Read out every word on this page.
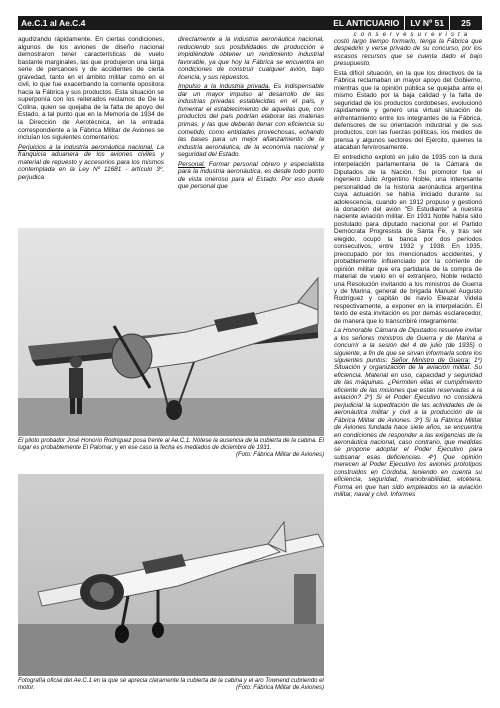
Ae.C.1 al Ae.C.4	EL ANTICUARIO	LV Nº 51	25
c o n s e r v e s u r e v i s t a

agudizando rápidamente. En ciertas condiciones, algunos de los aviones de diseño nacional demostraron tener características de vuelo bastante marginales, las que produjeron una larga serie de percances y de accidentes de cierta gravedad, tanto en el ámbito militar como en el civil, lo que fue exacerbando la corriente opositora hacia la Fábrica y sus productos. Esta situación se superponía con los reiterados reclamos de De la Colina, quien se quejaba de la falta de apoyo del Estado, a tal punto que en la Memoria de 1934 de la Dirección de Aerotécnica, en la entrada correspondiente a la Fábrica Militar de Aviones se incluían los siguientes comentarios:

Perjuicios a la industria aeronáutica nacional. La franquicia aduanera de los aviones civiles y material de repuesto y accesorios para los mismos contemplada en la Ley Nº 11681 - artículo 3º, perjudica

directamente a la industria aeronáutica nacional, reduciendo sus posibilidades de producción e impidiéndole obtener un rendimiento industrial favorable, ya que hoy la Fábrica se encuentra en condiciones de construir cualquier avión, bajo licencia, y sus repuestos.

Impulso a la industria privada. Es indispensable dar un mayor impulso al desarrollo de las industrias privadas establecidas en el país, y fomentar el establecimiento de aquellas que, con productos del país podrían elaborar las materias primas, y las que deberán llenar con eficiencia su cometido, como entidades provechosas, echando las bases para un mejor afianzamiento de la industria aeronáutica, de la economía nacional y seguridad del Estado.

Personal. Formar personal obrero y especialista para la industria aeronáutica, es desde todo punto de vista oneroso para el Estado. Por eso duele que personal que

costó largo tiempo formarlo, tenga la Fábrica que despedirlo y verse privado de su concurso, por los escasos recursos que se cuenta dado el bajo presupuesto.

Esta difícil situación, en la que los directivos de la Fábrica reclamaban un mayor apoyo del Gobierno, mientras que la opinión pública se quejaba ante el mismo Estado por la baja calidad y la falta de seguridad de los productos cordobeses, evolucionó rápidamente y generó una virtual situación de enfrentamiento entre los integrantes de la Fábrica, defensores de su orientación industrial y de sus productos, con las fuerzas políticas, los medios de prensa y algunos sectores del Ejército, quienes la atacaban fervorosamente.

El entredicho explotó en julio de 1935 con la dura interpelación parlamentaria de la Cámara de Diputados de la Nación. Su promotor fue el ingeniero Julio Argentino Noble, una interesante personalidad de la historia aeronáutica argentina cuya actuación se había iniciado durante su adolescencia, cuando en 1912 propuso y gestionó la donación del avión "El Estudiante" a nuestra naciente aviación militar. En 1931 Noble había sido postulado para diputado nacional por el Partido Demócrata Progresista de Santa Fe, y tras ser elegido, ocupó la banca por dos períodos consecutivos, entre 1932 y 1938. En 1935, preocupado por los mencionados accidentes, y probablemente influenciado por la corriente de opinión militar que era partidaria de la compra de material de vuelo en el extranjero, Noble redactó una Resolución invitando a los ministros de Guerra y de Marina, general de brigada Manuel Augusto Rodríguez y capitán de navío Eleazar Videla respectivamente, a exponer en la interpelación. El texto de esta invitación es por demás esclarecedor, de manera que lo transcribiré íntegramente:

La Honorable Cámara de Diputados resuelve invitar a los señores ministros de Guerra y de Marina a concurrir a la sesión del 4 de julio (de 1935) o siguiente, a fin de que se sirvan informarla sobre los siguientes puntos: Señor Ministro de Guerra: 1º) Situación y organización de la aviación militar. Su eficiencia. Material en uso, capacidad y seguridad de las máquinas. ¿Permiten ellas el cumplimiento eficiente de las misiones que están reservadas a la aviación? 2º) Si el Poder Ejecutivo no considera perjudicial la supeditación de las actividades de la aeronáutica militar y civil a la producción de la Fábrica Militar de Aviones. 3º) Si la Fábrica Militar de Aviones fundada hace siete años, se encuentra en condiciones de responder a las exigencias de la aeronáutica nacional, caso contrario, que medidas se propone adoptar el Poder Ejecutivo para subsanar esas deficiencias. 4º) Que opinión merecen al Poder Ejecutivo los aviones prototipos construidos en Córdoba, teniendo en cuenta su eficiencia, seguridad, maniobrabilidad, etcétera. Forma en que han sido empleados en la aviación militar, naval y civil. Informes

El piloto probador José Honorio Rodríguez posa frente al Ae.C.1. Nótese la ausencia de la cubierta de la cabina. El lugar es probablemente El Palomar, y en ese caso la fecha es mediados de diciembre de 1931.
(Foto: Fábrica Militar de Aviones)
Fotografía oficial del Ae.C.1 en la que se aprecia claramente la cubierta de la cabina y el aro Townend cubriendo el motor.	(Foto: Fábrica Militar de Aviones)
